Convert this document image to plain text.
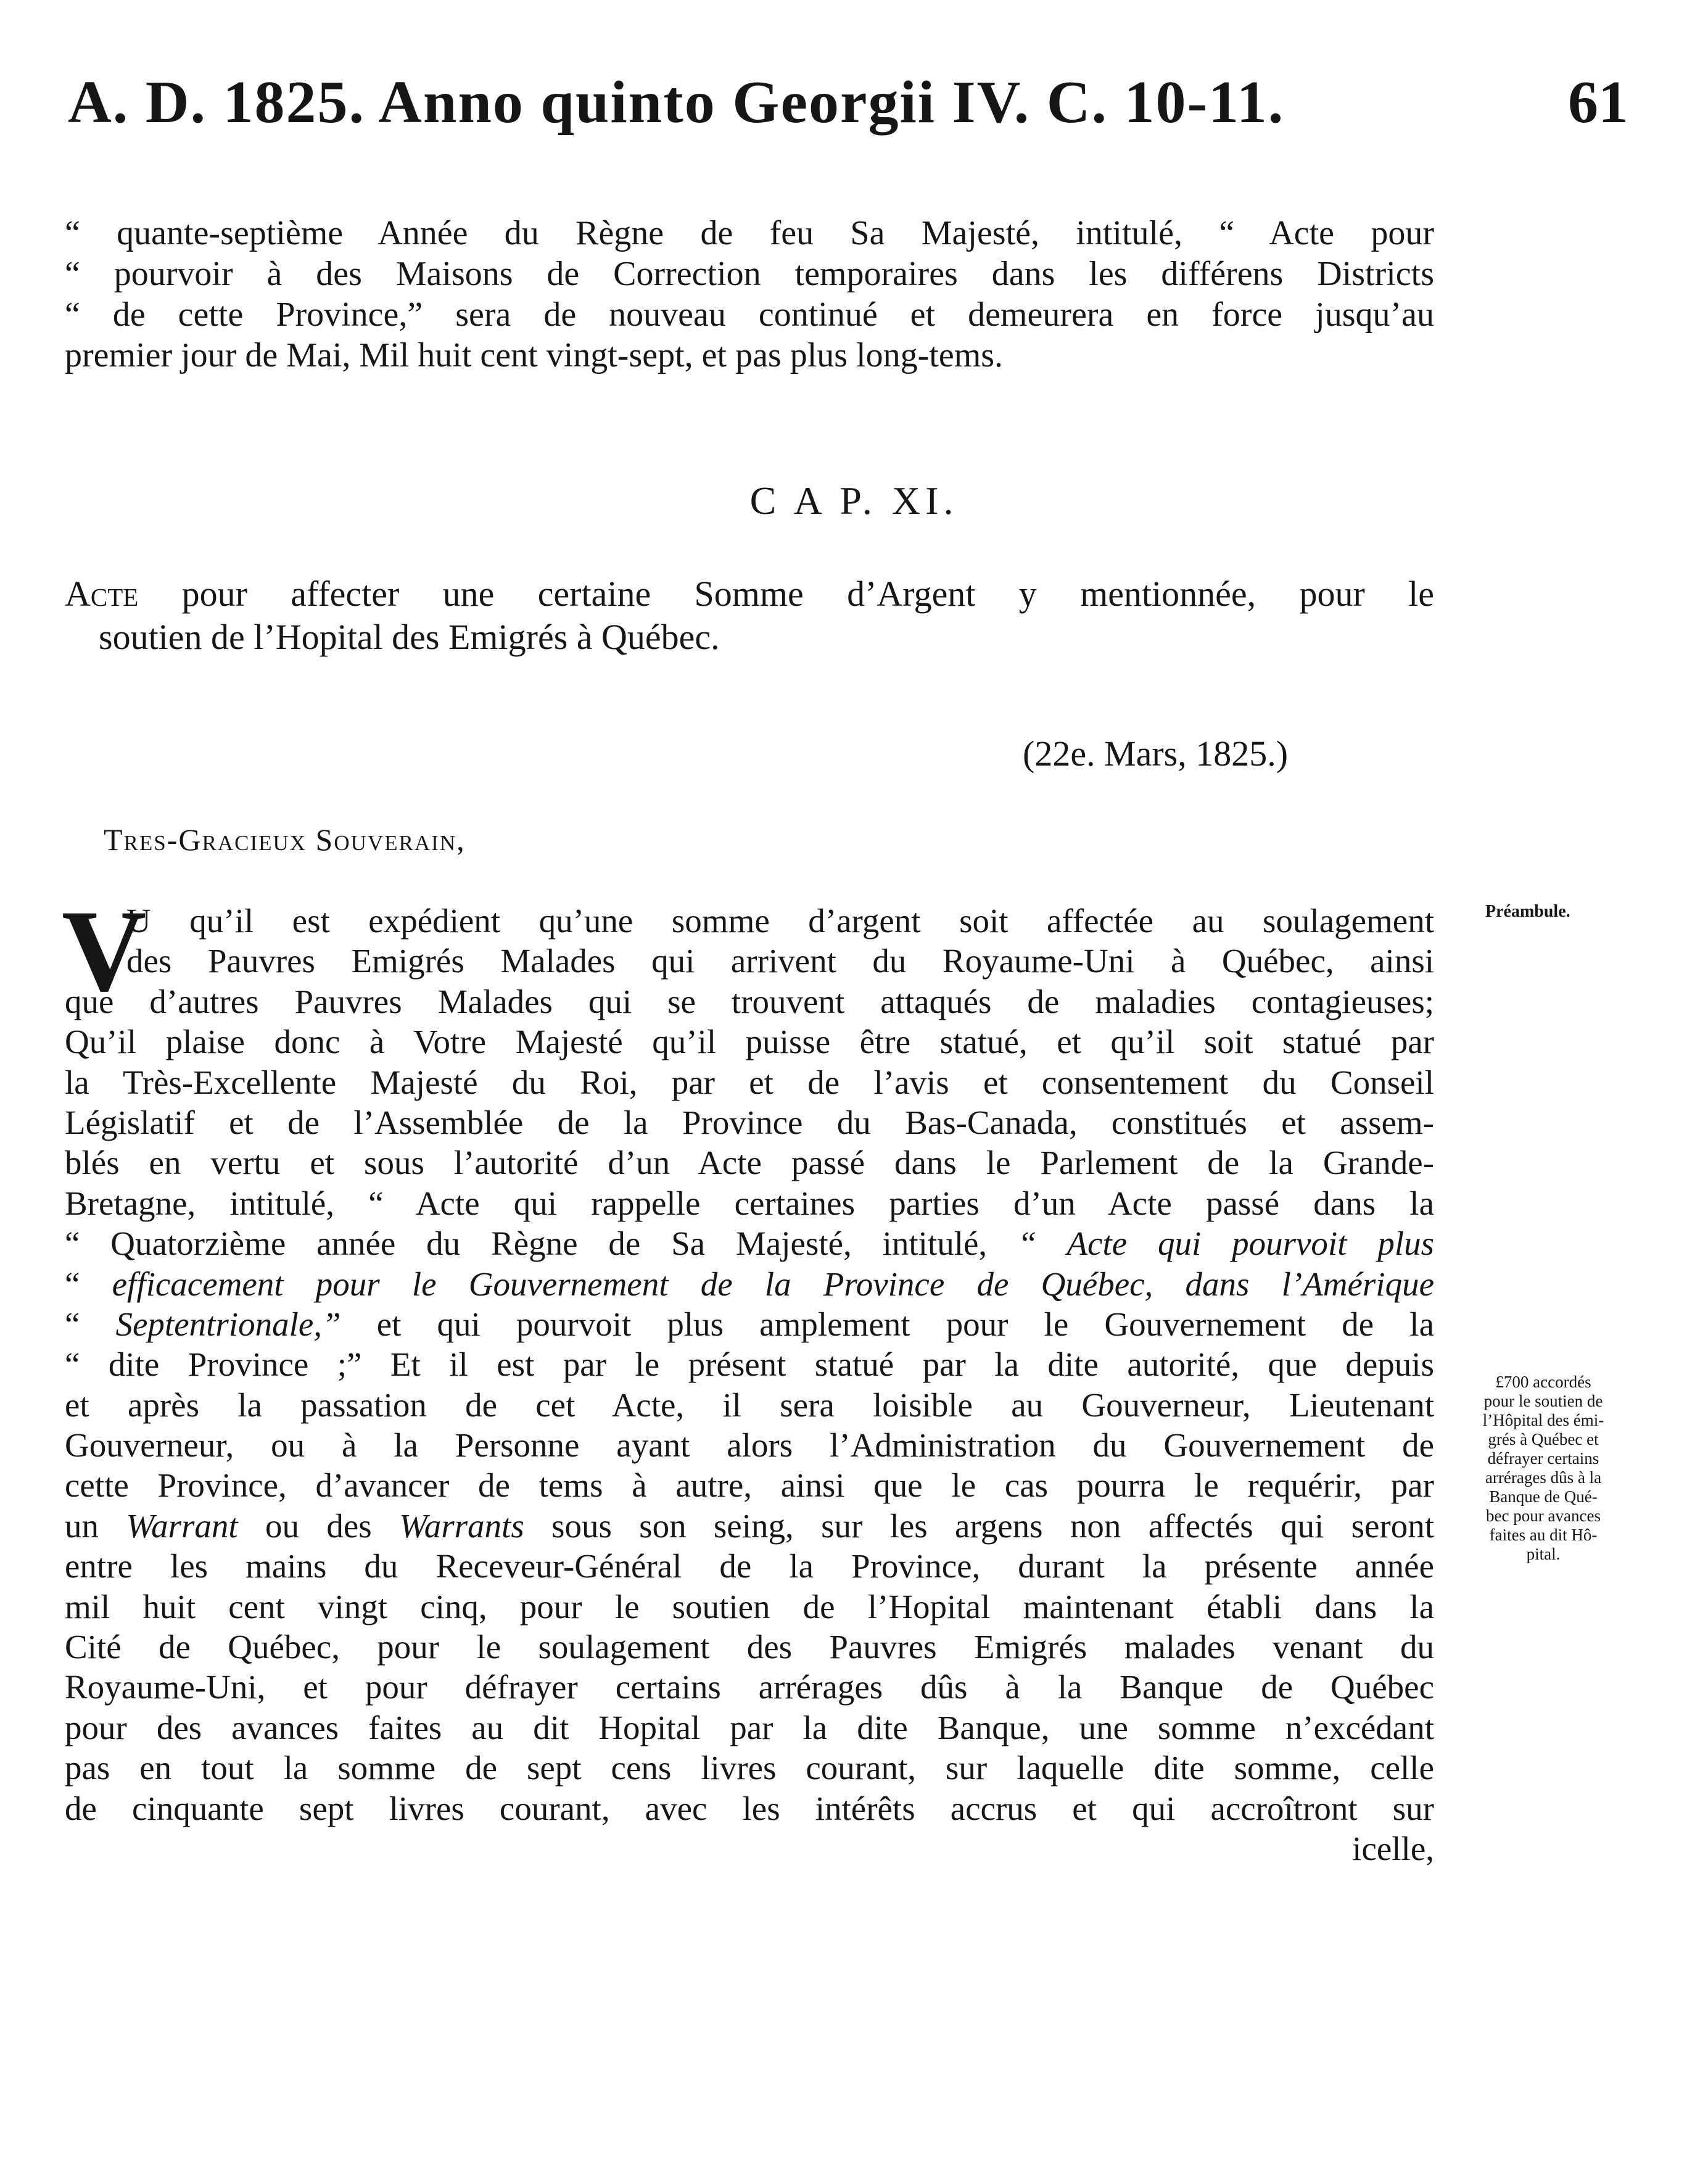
A. D. 1825. Anno quinto Georgii IV. C. 10-11.	61
“ quante-septième Année du Règne de feu Sa Majesté, intitulé, “ Acte pour
“ pourvoir à des Maisons de Correction temporaires dans les différens Districts
“ de cette Province,” sera de nouveau continué et demeurera en force jusqu’au
premier jour de Mai, Mil huit cent vingt-sept, et pas plus long-tems.
C A P. XI.
Acte pour affecter une certaine Somme d’Argent y mentionnée, pour le
soutien de l’Hopital des Emigrés à Québec.
(22e. Mars, 1825.)
Tres-Gracieux Souverain,
V
U qu’il est expédient qu’une somme d’argent soit affectée au soulagement
des Pauvres Emigrés Malades qui arrivent du Royaume-Uni à Québec, ainsi
que d’autres Pauvres Malades qui se trouvent attaqués de maladies contagieuses;
Qu’il plaise donc à Votre Majesté qu’il puisse être statué, et qu’il soit statué par
la Très-Excellente Majesté du Roi, par et de l’avis et consentement du Conseil
Législatif et de l’Assemblée de la Province du Bas-Canada, constitués et assem-
blés en vertu et sous l’autorité d’un Acte passé dans le Parlement de la Grande-
Bretagne, intitulé, “ Acte qui rappelle certaines parties d’un Acte passé dans la
“ Quatorzième année du Règne de Sa Majesté, intitulé, “ Acte qui pourvoit plus
“ efficacement pour le Gouvernement de la Province de Québec, dans l’Amérique
“ Septentrionale,” et qui pourvoit plus amplement pour le Gouvernement de la
“ dite Province ;” Et il est par le présent statué par la dite autorité, que depuis
et après la passation de cet Acte, il sera loisible au Gouverneur, Lieutenant
Gouverneur, ou à la Personne ayant alors l’Administration du Gouvernement de
cette Province, d’avancer de tems à autre, ainsi que le cas pourra le requérir, par
un Warrant ou des Warrants sous son seing, sur les argens non affectés qui seront
entre les mains du Receveur-Général de la Province, durant la présente année
mil huit cent vingt cinq, pour le soutien de l’Hopital maintenant établi dans la
Cité de Québec, pour le soulagement des Pauvres Emigrés malades venant du
Royaume-Uni, et pour défrayer certains arrérages dûs à la Banque de Québec
pour des avances faites au dit Hopital par la dite Banque, une somme n’excédant
pas en tout la somme de sept cens livres courant, sur laquelle dite somme, celle
de cinquante sept livres courant, avec les intérêts accrus et qui accroîtront sur
icelle,
Préambule.
£700 accordés
pour le soutien de
l’Hôpital des émi-
grés à Québec et
défrayer certains
arrérages dûs à la
Banque de Qué-
bec pour avances
faites au dit Hô-
pital.
